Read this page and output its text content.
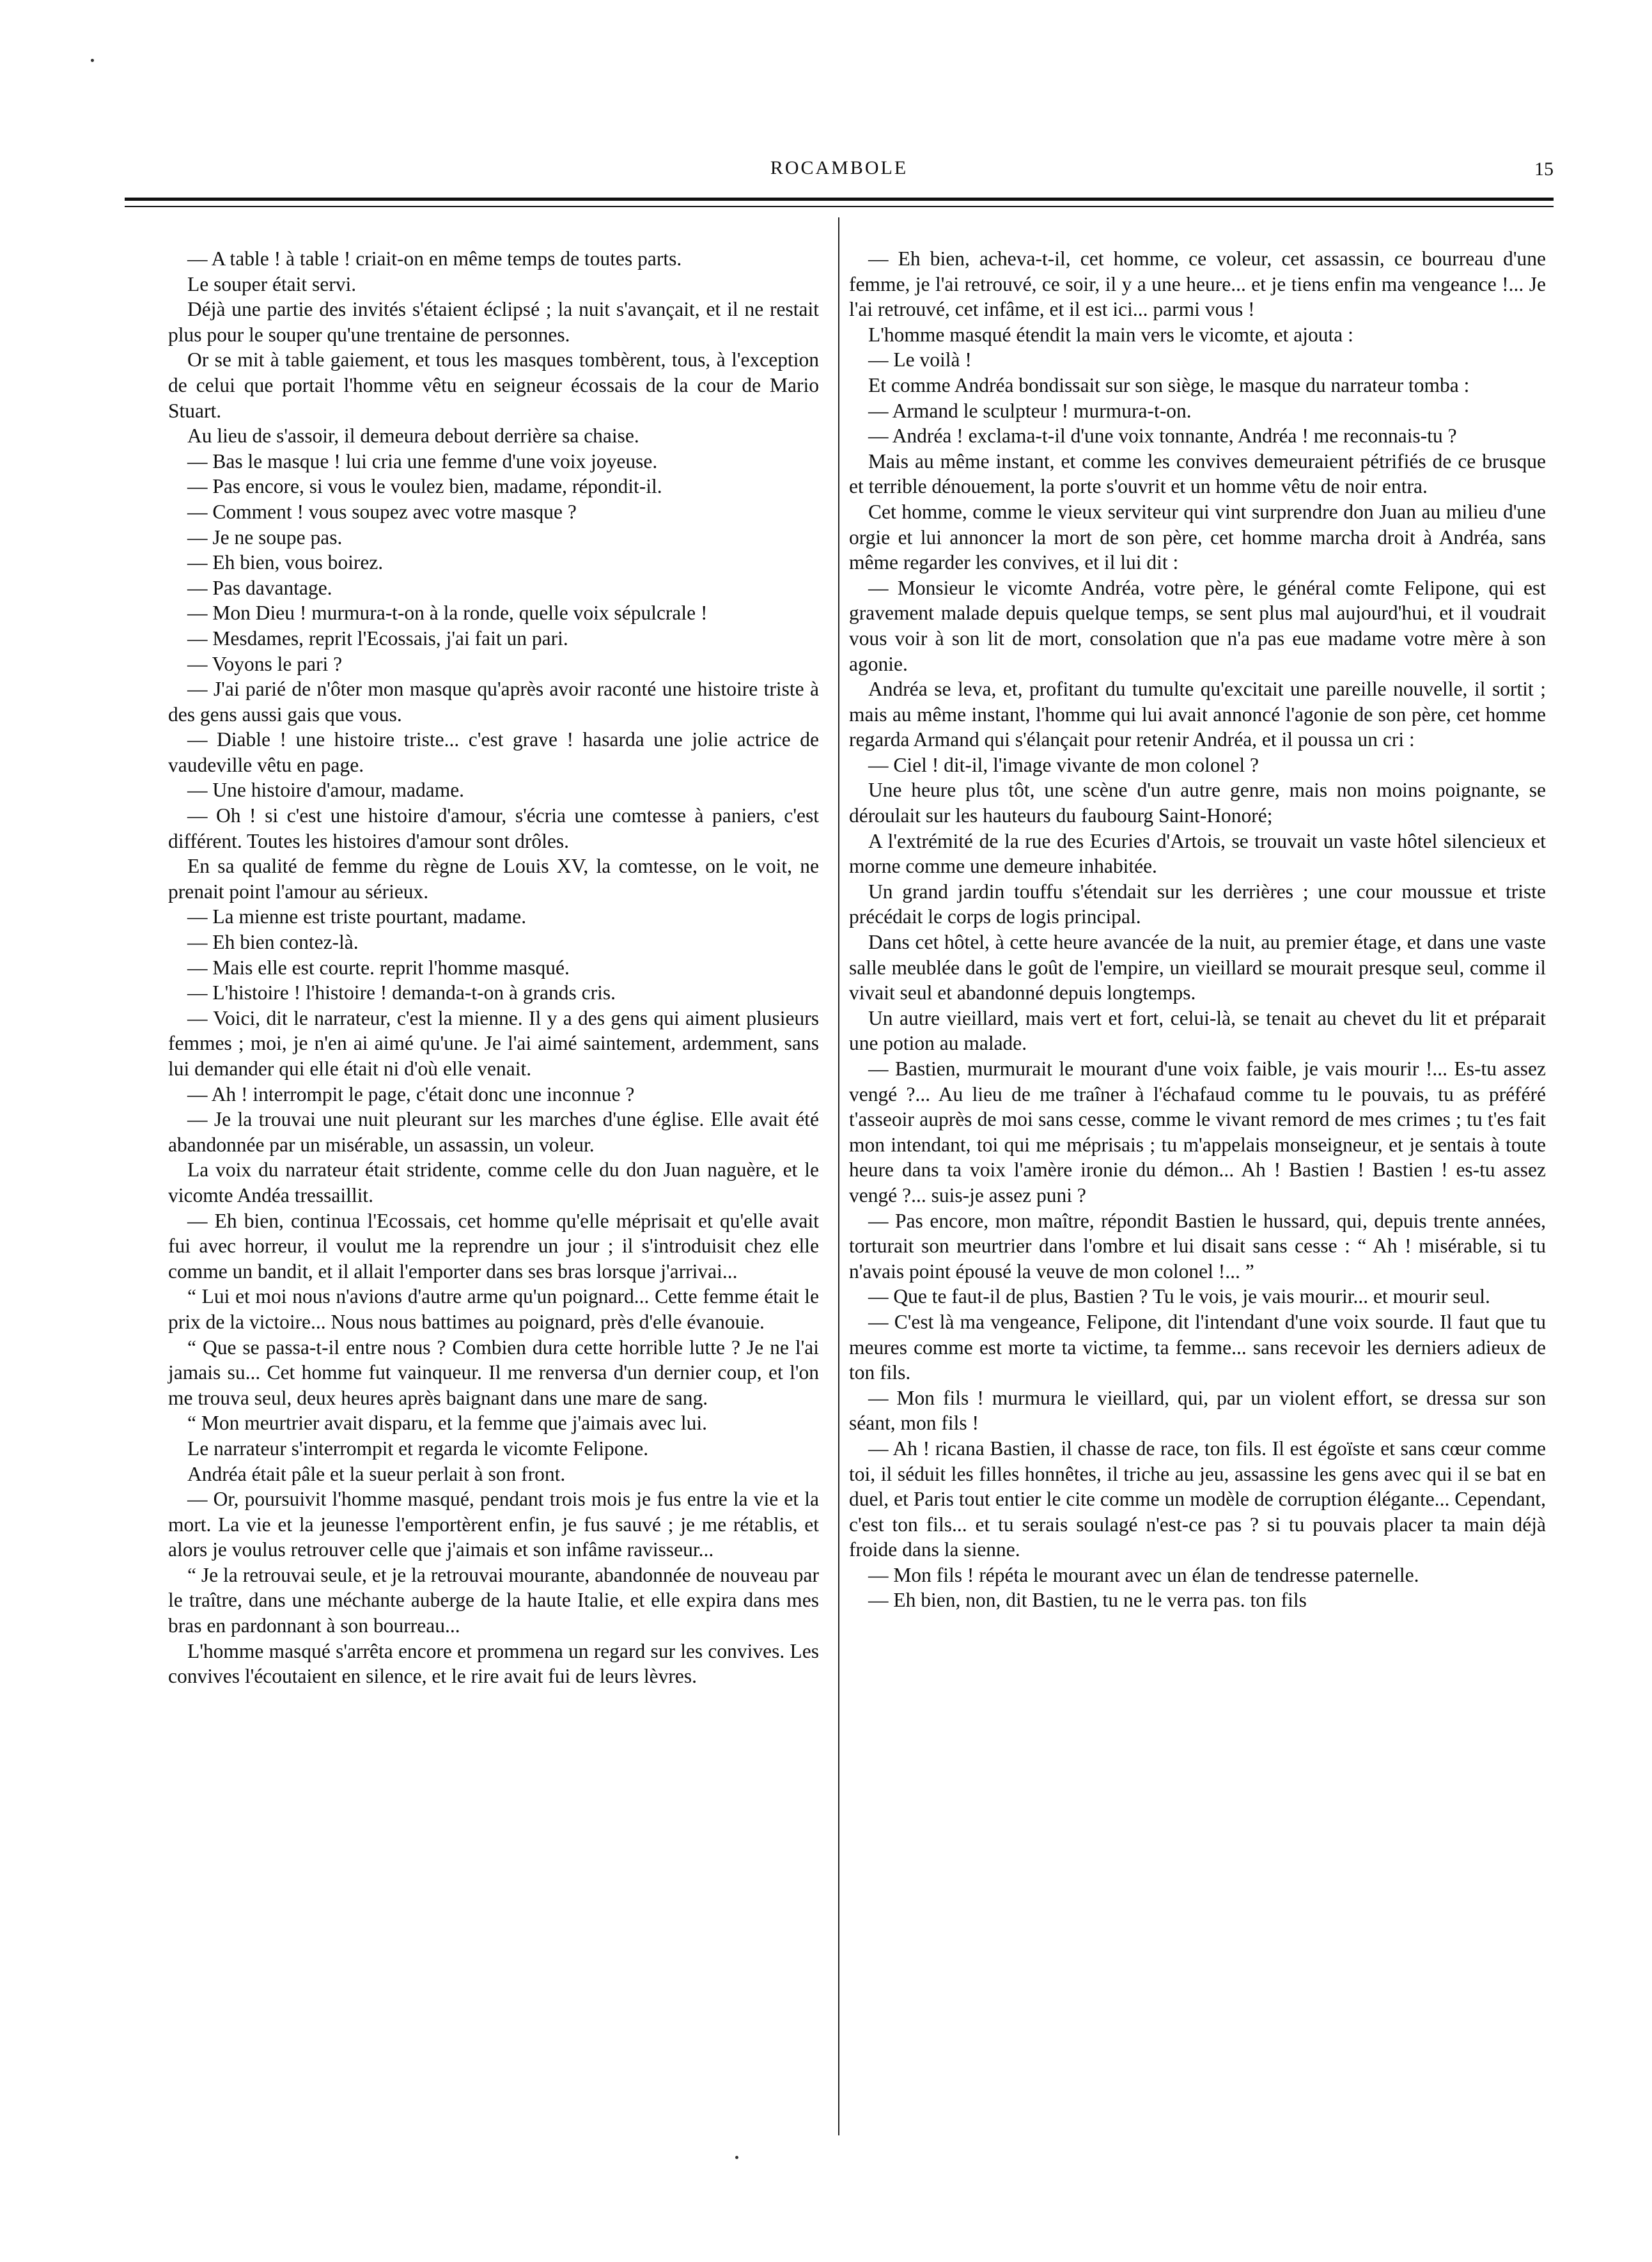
ROCAMBOLE	15

— A table ! à table ! criait-on en même temps de toutes parts.

Le souper était servi.

Déjà une partie des invités s'étaient éclipsé ; la nuit s'avançait, et il ne restait plus pour le souper qu'une trentaine de personnes.

Or se mit à table gaiement, et tous les masques tombèrent, tous, à l'exception de celui que portait l'homme vêtu en seigneur écossais de la cour de Mario Stuart.

Au lieu de s'assoir, il demeura debout derrière sa chaise.

— Bas le masque ! lui cria une femme d'une voix joyeuse.

— Pas encore, si vous le voulez bien, madame, répondit-il.

— Comment ! vous soupez avec votre masque ?

— Je ne soupe pas.

— Eh bien, vous boirez.

— Pas davantage.

— Mon Dieu ! murmura-t-on à la ronde, quelle voix sépulcrale !

— Mesdames, reprit l'Ecossais, j'ai fait un pari.

— Voyons le pari ?

— J'ai parié de n'ôter mon masque qu'après avoir raconté une histoire triste à des gens aussi gais que vous.

— Diable ! une histoire triste... c'est grave ! hasarda une jolie actrice de vaudeville vêtu en page.

— Une histoire d'amour, madame.

— Oh ! si c'est une histoire d'amour, s'écria une comtesse à paniers, c'est différent. Toutes les histoires d'amour sont drôles.

En sa qualité de femme du règne de Louis XV, la comtesse, on le voit, ne prenait point l'amour au sérieux.

— La mienne est triste pourtant, madame.

— Eh bien contez-là.

— Mais elle est courte. reprit l'homme masqué.

— L'histoire ! l'histoire ! demanda-t-on à grands cris.

— Voici, dit le narrateur, c'est la mienne. Il y a des gens qui aiment plusieurs femmes ; moi, je n'en ai aimé qu'une. Je l'ai aimé saintement, ardemment, sans lui demander qui elle était ni d'où elle venait.

— Ah ! interrompit le page, c'était donc une inconnue ?

— Je la trouvai une nuit pleurant sur les marches d'une église. Elle avait été abandonnée par un misérable, un assassin, un voleur.

La voix du narrateur était stridente, comme celle du don Juan naguère, et le vicomte Andéa tressaillit.

— Eh bien, continua l'Ecossais, cet homme qu'elle méprisait et qu'elle avait fui avec horreur, il voulut me la reprendre un jour ; il s'introduisit chez elle comme un bandit, et il allait l'emporter dans ses bras lorsque j'arrivai...

“ Lui et moi nous n'avions d'autre arme qu'un poignard... Cette femme était le prix de la victoire... Nous nous battimes au poignard, près d'elle évanouie.

“ Que se passa-t-il entre nous ? Combien dura cette horrible lutte ? Je ne l'ai jamais su... Cet homme fut vainqueur. Il me renversa d'un dernier coup, et l'on me trouva seul, deux heures après baignant dans une mare de sang.

“ Mon meurtrier avait disparu, et la femme que j'aimais avec lui.

Le narrateur s'interrompit et regarda le vicomte Felipone.

Andréa était pâle et la sueur perlait à son front.

— Or, poursuivit l'homme masqué, pendant trois mois je fus entre la vie et la mort. La vie et la jeunesse l'emportèrent enfin, je fus sauvé ; je me rétablis, et alors je voulus retrouver celle que j'aimais et son infâme ravisseur...

“ Je la retrouvai seule, et je la retrouvai mourante, abandonnée de nouveau par le traître, dans une méchante auberge de la haute Italie, et elle expira dans mes bras en pardonnant à son bourreau...

L'homme masqué s'arrêta encore et prommena un regard sur les convives. Les convives l'écoutaient en silence, et le rire avait fui de leurs lèvres.

— Eh bien, acheva-t-il, cet homme, ce voleur, cet assassin, ce bourreau d'une femme, je l'ai retrouvé, ce soir, il y a une heure... et je tiens enfin ma vengeance !... Je l'ai retrouvé, cet infâme, et il est ici... parmi vous !

L'homme masqué étendit la main vers le vicomte, et ajouta :

— Le voilà !

Et comme Andréa bondissait sur son siège, le masque du narrateur tomba :

— Armand le sculpteur ! murmura-t-on.

— Andréa ! exclama-t-il d'une voix tonnante, Andréa ! me reconnais-tu ?

Mais au même instant, et comme les convives demeuraient pétrifiés de ce brusque et terrible dénouement, la porte s'ouvrit et un homme vêtu de noir entra.

Cet homme, comme le vieux serviteur qui vint surprendre don Juan au milieu d'une orgie et lui annoncer la mort de son père, cet homme marcha droit à Andréa, sans même regarder les convives, et il lui dit :

— Monsieur le vicomte Andréa, votre père, le général comte Felipone, qui est gravement malade depuis quelque temps, se sent plus mal aujourd'hui, et il voudrait vous voir à son lit de mort, consolation que n'a pas eue madame votre mère à son agonie.

Andréa se leva, et, profitant du tumulte qu'excitait une pareille nouvelle, il sortit ; mais au même instant, l'homme qui lui avait annoncé l'agonie de son père, cet homme regarda Armand qui s'élançait pour retenir Andréa, et il poussa un cri :

— Ciel ! dit-il, l'image vivante de mon colonel ?

Une heure plus tôt, une scène d'un autre genre, mais non moins poignante, se déroulait sur les hauteurs du faubourg Saint-Honoré;

A l'extrémité de la rue des Ecuries d'Artois, se trouvait un vaste hôtel silencieux et morne comme une demeure inhabitée.

Un grand jardin touffu s'étendait sur les derrières ; une cour moussue et triste précédait le corps de logis principal.

Dans cet hôtel, à cette heure avancée de la nuit, au premier étage, et dans une vaste salle meublée dans le goût de l'empire, un vieillard se mourait presque seul, comme il vivait seul et abandonné depuis longtemps.

Un autre vieillard, mais vert et fort, celui-là, se tenait au chevet du lit et préparait une potion au malade.

— Bastien, murmurait le mourant d'une voix faible, je vais mourir !... Es-tu assez vengé ?... Au lieu de me traîner à l'échafaud comme tu le pouvais, tu as préféré t'asseoir auprès de moi sans cesse, comme le vivant remord de mes crimes ; tu t'es fait mon intendant, toi qui me méprisais ; tu m'appelais monseigneur, et je sentais à toute heure dans ta voix l'amère ironie du démon... Ah ! Bastien ! Bastien ! es-tu assez vengé ?... suis-je assez puni ?

— Pas encore, mon maître, répondit Bastien le hussard, qui, depuis trente années, torturait son meurtrier dans l'ombre et lui disait sans cesse : “ Ah ! misérable, si tu n'avais point épousé la veuve de mon colonel !... ”

— Que te faut-il de plus, Bastien ? Tu le vois, je vais mourir... et mourir seul.

— C'est là ma vengeance, Felipone, dit l'intendant d'une voix sourde. Il faut que tu meures comme est morte ta victime, ta femme... sans recevoir les derniers adieux de ton fils.

— Mon fils ! murmura le vieillard, qui, par un violent effort, se dressa sur son séant, mon fils !

— Ah ! ricana Bastien, il chasse de race, ton fils. Il est égoïste et sans cœur comme toi, il séduit les filles honnêtes, il triche au jeu, assassine les gens avec qui il se bat en duel, et Paris tout entier le cite comme un modèle de corruption élégante... Cependant, c'est ton fils... et tu serais soulagé n'est-ce pas ? si tu pouvais placer ta main déjà froide dans la sienne.

— Mon fils ! répéta le mourant avec un élan de tendresse paternelle.

— Eh bien, non, dit Bastien, tu ne le verra pas. ton fils
